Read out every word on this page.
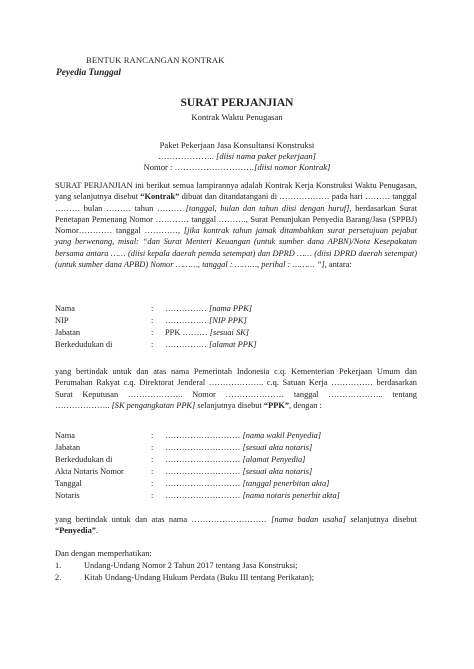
BENTUK RANCANGAN KONTRAK
Peyedia Tunggal
SURAT PERJANJIAN
Kontrak Waktu Penugasan
Paket Pekerjaan Jasa Konsultansi Konstruksi
……………….. [diisi nama paket pekerjaan]
Nomor : ……………………….[diisi nomor Kontrak]
SURAT PERJANJIAN ini berikut semua lampirannya adalah Kontrak Kerja Konstruksi Waktu Penugasan, yang selanjutnya disebut “Kontrak” dibuat dan ditandatangani di ……………… pada hari ……… tanggal ……… bulan ……… tahun ……… [tanggal, bulan dan tahun diisi dengan huruf], berdasarkan Surat Penetapan Pemenang Nomor ………… tanggal ………., Surat Penunjukan Penyedia Barang/Jasa (SPPBJ) Nomor………… tanggal …………, [jika kontrak tahun jamak ditambahkan surat persetujuan pejabat yang berwenang, misal: “dan Surat Menteri Keuangan (untuk sumber dana APBN)/Nota Kesepakatan bersama antara …… (diisi kepala daerah pemda setempat) dan DPRD …… (diisi DPRD daerah setempat) (untuk sumber dana APBD) Nomor ………, tanggal : ………, perihal : ……… ”], antara:
Nama	: …………… [nama PPK]
NIP	: …………… [NIP PPK]
Jabatan	: PPK ……… [sesuai SK]
Berkedudukan di	: …………… [alamat PPK]
yang bertindak untuk dan atas nama Pemerintah Indonesia c.q. Kementerian Pekerjaan Umum dan Perumahan Rakyat c.q. Direktorat Jenderal ……………….. c.q. Satuan Kerja …………… berdasarkan Surat Keputusan ……………….. Nomor ………………… tanggal ……………….. tentang ……………….. [SK pengangkatan PPK] selanjutnya disebut “PPK”, dengan :
Nama	: ……………………… [nama wakil Penyedia]
Jabatan	: ……………………… [sesuai akta notaris]
Berkedudukan di	: ……………………… [alamat Penyedia]
Akta Notaris Nomor	: ……………………… [sesuai akta notaris]
Tanggal	: ……………………… [tanggal penerbitan akta]
Notaris	: ……………………… [nama notaris penerbit akta]
yang bertindak untuk dan atas nama ……………………… [nama badan usaha] selanjutnya disebut “Penyedia”.
Dan dengan memperhatikan:
1.	Undang-Undang Nomor 2 Tahun 2017 tentang Jasa Konstruksi;
2.	Kitab Undang-Undang Hukum Perdata (Buku III tentang Perikatan);
